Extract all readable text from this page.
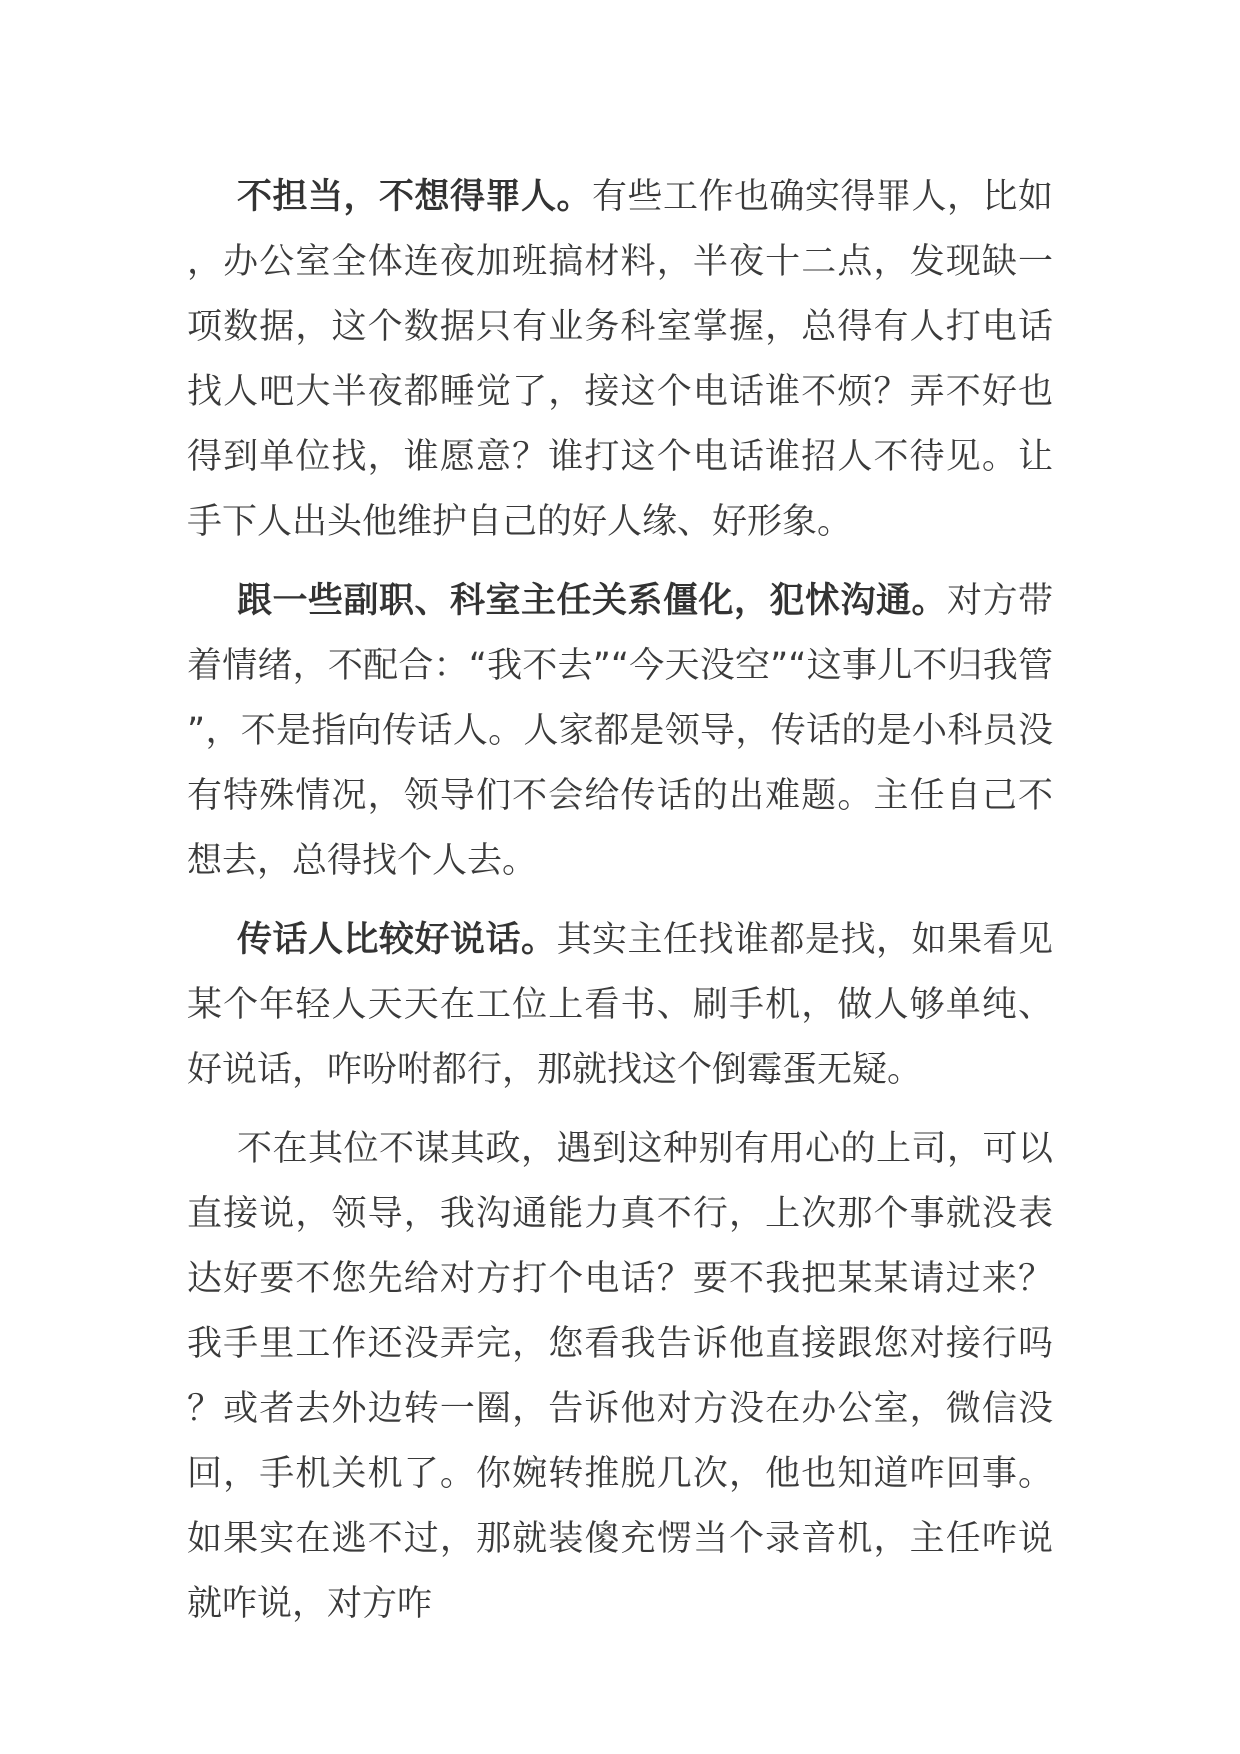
不担当，不想得罪人。有些工作也确实得罪人，比如，办公室全体连夜加班搞材料，半夜十二点，发现缺一项数据，这个数据只有业务科室掌握，总得有人打电话找人吧大半夜都睡觉了，接这个电话谁不烦？弄不好也得到单位找，谁愿意？谁打这个电话谁招人不待见。让手下人出头他维护自己的好人缘、好形象。

跟一些副职、科室主任关系僵化，犯怵沟通。对方带着情绪，不配合：“我不去”“今天没空”“这事儿不归我管”，不是指向传话人。人家都是领导，传话的是小科员没有特殊情况，领导们不会给传话的出难题。主任自己不想去，总得找个人去。

传话人比较好说话。其实主任找谁都是找，如果看见某个年轻人天天在工位上看书、刷手机，做人够单纯、好说话，咋吩咐都行，那就找这个倒霉蛋无疑。

不在其位不谋其政，遇到这种别有用心的上司，可以直接说，领导，我沟通能力真不行，上次那个事就没表达好要不您先给对方打个电话？要不我把某某请过来？我手里工作还没弄完，您看我告诉他直接跟您对接行吗？或者去外边转一圈，告诉他对方没在办公室，微信没回，手机关机了。你婉转推脱几次，他也知道咋回事。如果实在逃不过，那就装傻充愣当个录音机，主任咋说就咋说，对方咋
